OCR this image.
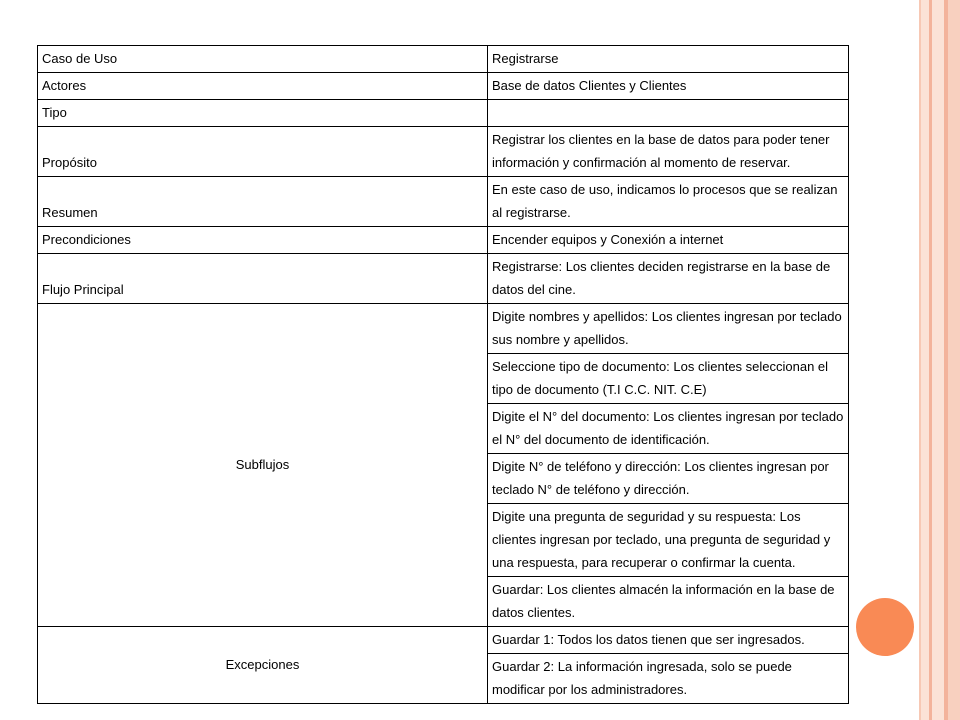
Caso de Uso	Registrarse
Actores	Base de datos Clientes y Clientes
Tipo	
Propósito	Registrar los clientes en la base de datos para poder tener información y confirmación al momento de reservar.
Resumen	En este caso de uso, indicamos lo procesos que se realizan al registrarse.
Precondiciones	Encender equipos y Conexión a internet
Flujo Principal	Registrarse: Los clientes deciden registrarse en la base de datos del cine.
Subflujos	Digite nombres y apellidos: Los clientes ingresan por teclado sus nombre y apellidos.
	Seleccione tipo de documento: Los clientes seleccionan el tipo de documento (T.I C.C. NIT. C.E)
	Digite el N° del documento: Los clientes ingresan por teclado el N° del documento de identificación.
	Digite N° de teléfono y dirección: Los clientes ingresan por teclado N° de teléfono y dirección.
	Digite una pregunta de seguridad y su respuesta: Los clientes ingresan por teclado, una pregunta de seguridad y una respuesta, para recuperar o confirmar la cuenta.
	Guardar: Los clientes almacén la información en la base de datos clientes.
Excepciones	Guardar 1: Todos los datos tienen que ser ingresados.
	Guardar 2: La información ingresada, solo se puede modificar por los administradores.
